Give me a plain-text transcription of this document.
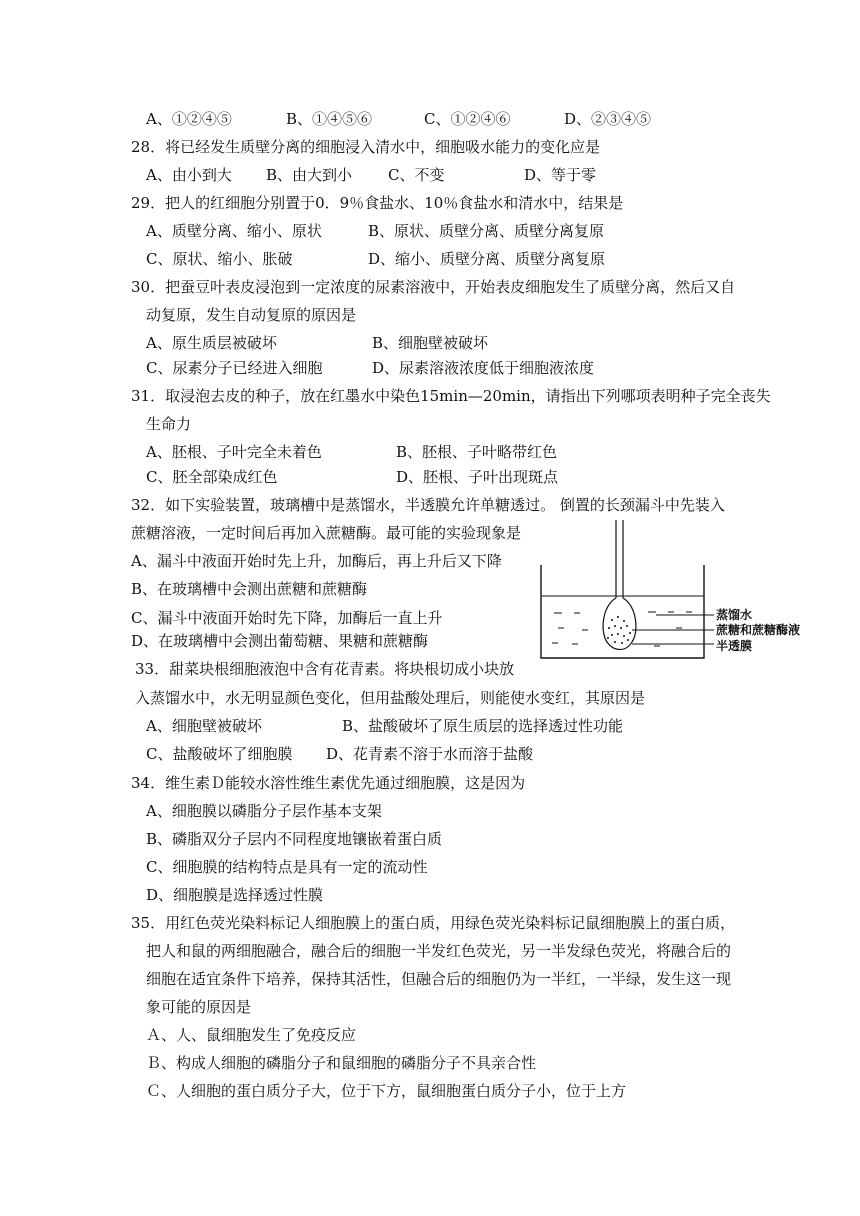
A、①②④⑤	B、①④⑤⑥	C、①②④⑥	D、②③④⑤
28．将已经发生质壁分离的细胞浸入清水中，细胞吸水能力的变化应是
A、由小到大 B、由大到小 C、不变	D、等于零
29．把人的红细胞分别置于0．9％食盐水、10％食盐水和清水中，结果是
A、质壁分离、缩小、原状	B、原状、质壁分离、质壁分离复原
C、原状、缩小、胀破	D、缩小、质壁分离、质壁分离复原
30．把蚕豆叶表皮浸泡到一定浓度的尿素溶液中，开始表皮细胞发生了质壁分离，然后又自
动复原，发生自动复原的原因是
A、原生质层被破坏	B、细胞壁被破坏
C、尿素分子已经进入细胞	D、尿素溶液浓度低于细胞液浓度
31．取浸泡去皮的种子，放在红墨水中染色15min—20min，请指出下列哪项表明种子完全丧失
生命力
A、胚根、子叶完全未着色	B、胚根、子叶略带红色
C、胚全部染成红色	D、胚根、子叶出现斑点
32．如下实验装置，玻璃槽中是蒸馏水，半透膜允许单糖透过。 倒置的长颈漏斗中先装入
蔗糖溶液，一定时间后再加入蔗糖酶。最可能的实验现象是
A、漏斗中液面开始时先上升，加酶后，再上升后又下降
B、在玻璃槽中会测出蔗糖和蔗糖酶
C、漏斗中液面开始时先下降，加酶后一直上升
D、在玻璃槽中会测出葡萄糖、果糖和蔗糖酶
蒸馏水
蔗糖和蔗糖酶液
半透膜
33．甜菜块根细胞液泡中含有花青素。将块根切成小块放
入蒸馏水中，水无明显颜色变化，但用盐酸处理后，则能使水变红，其原因是
A、细胞壁被破坏	B、盐酸破坏了原生质层的选择透过性功能
C、盐酸破坏了细胞膜 D、花青素不溶于水而溶于盐酸
34．维生素Ｄ能较水溶性维生素优先通过细胞膜，这是因为
A、细胞膜以磷脂分子层作基本支架
B、磷脂双分子层内不同程度地镶嵌着蛋白质
C、细胞膜的结构特点是具有一定的流动性
D、细胞膜是选择透过性膜
35．用红色荧光染料标记人细胞膜上的蛋白质，用绿色荧光染料标记鼠细胞膜上的蛋白质，
把人和鼠的两细胞融合，融合后的细胞一半发红色荧光，另一半发绿色荧光，将融合后的
细胞在适宜条件下培养，保持其活性，但融合后的细胞仍为一半红，一半绿，发生这一现
象可能的原因是
Ａ、人、鼠细胞发生了免疫反应
Ｂ、构成人细胞的磷脂分子和鼠细胞的磷脂分子不具亲合性
Ｃ、人细胞的蛋白质分子大，位于下方，鼠细胞蛋白质分子小，位于上方
